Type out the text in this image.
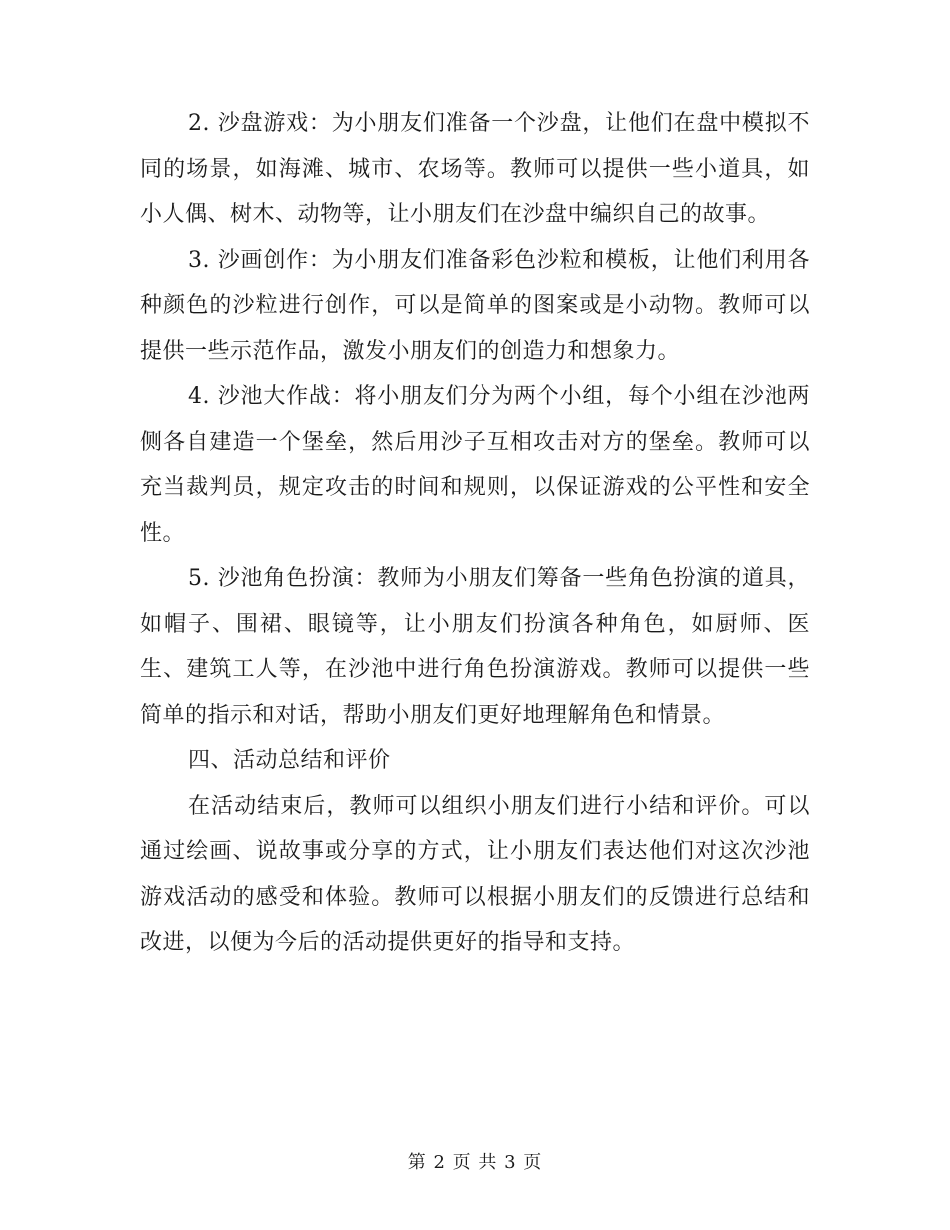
2. 沙盘游戏：为小朋友们准备一个沙盘，让他们在盘中模拟不同的场景，如海滩、城市、农场等。教师可以提供一些小道具，如小人偶、树木、动物等，让小朋友们在沙盘中编织自己的故事。

3. 沙画创作：为小朋友们准备彩色沙粒和模板，让他们利用各种颜色的沙粒进行创作，可以是简单的图案或是小动物。教师可以提供一些示范作品，激发小朋友们的创造力和想象力。

4. 沙池大作战：将小朋友们分为两个小组，每个小组在沙池两侧各自建造一个堡垒，然后用沙子互相攻击对方的堡垒。教师可以充当裁判员，规定攻击的时间和规则，以保证游戏的公平性和安全性。

5. 沙池角色扮演：教师为小朋友们筹备一些角色扮演的道具，如帽子、围裙、眼镜等，让小朋友们扮演各种角色，如厨师、医生、建筑工人等，在沙池中进行角色扮演游戏。教师可以提供一些简单的指示和对话，帮助小朋友们更好地理解角色和情景。

四、活动总结和评价

在活动结束后，教师可以组织小朋友们进行小结和评价。可以通过绘画、说故事或分享的方式，让小朋友们表达他们对这次沙池游戏活动的感受和体验。教师可以根据小朋友们的反馈进行总结和改进，以便为今后的活动提供更好的指导和支持。

第 2 页 共 3 页
